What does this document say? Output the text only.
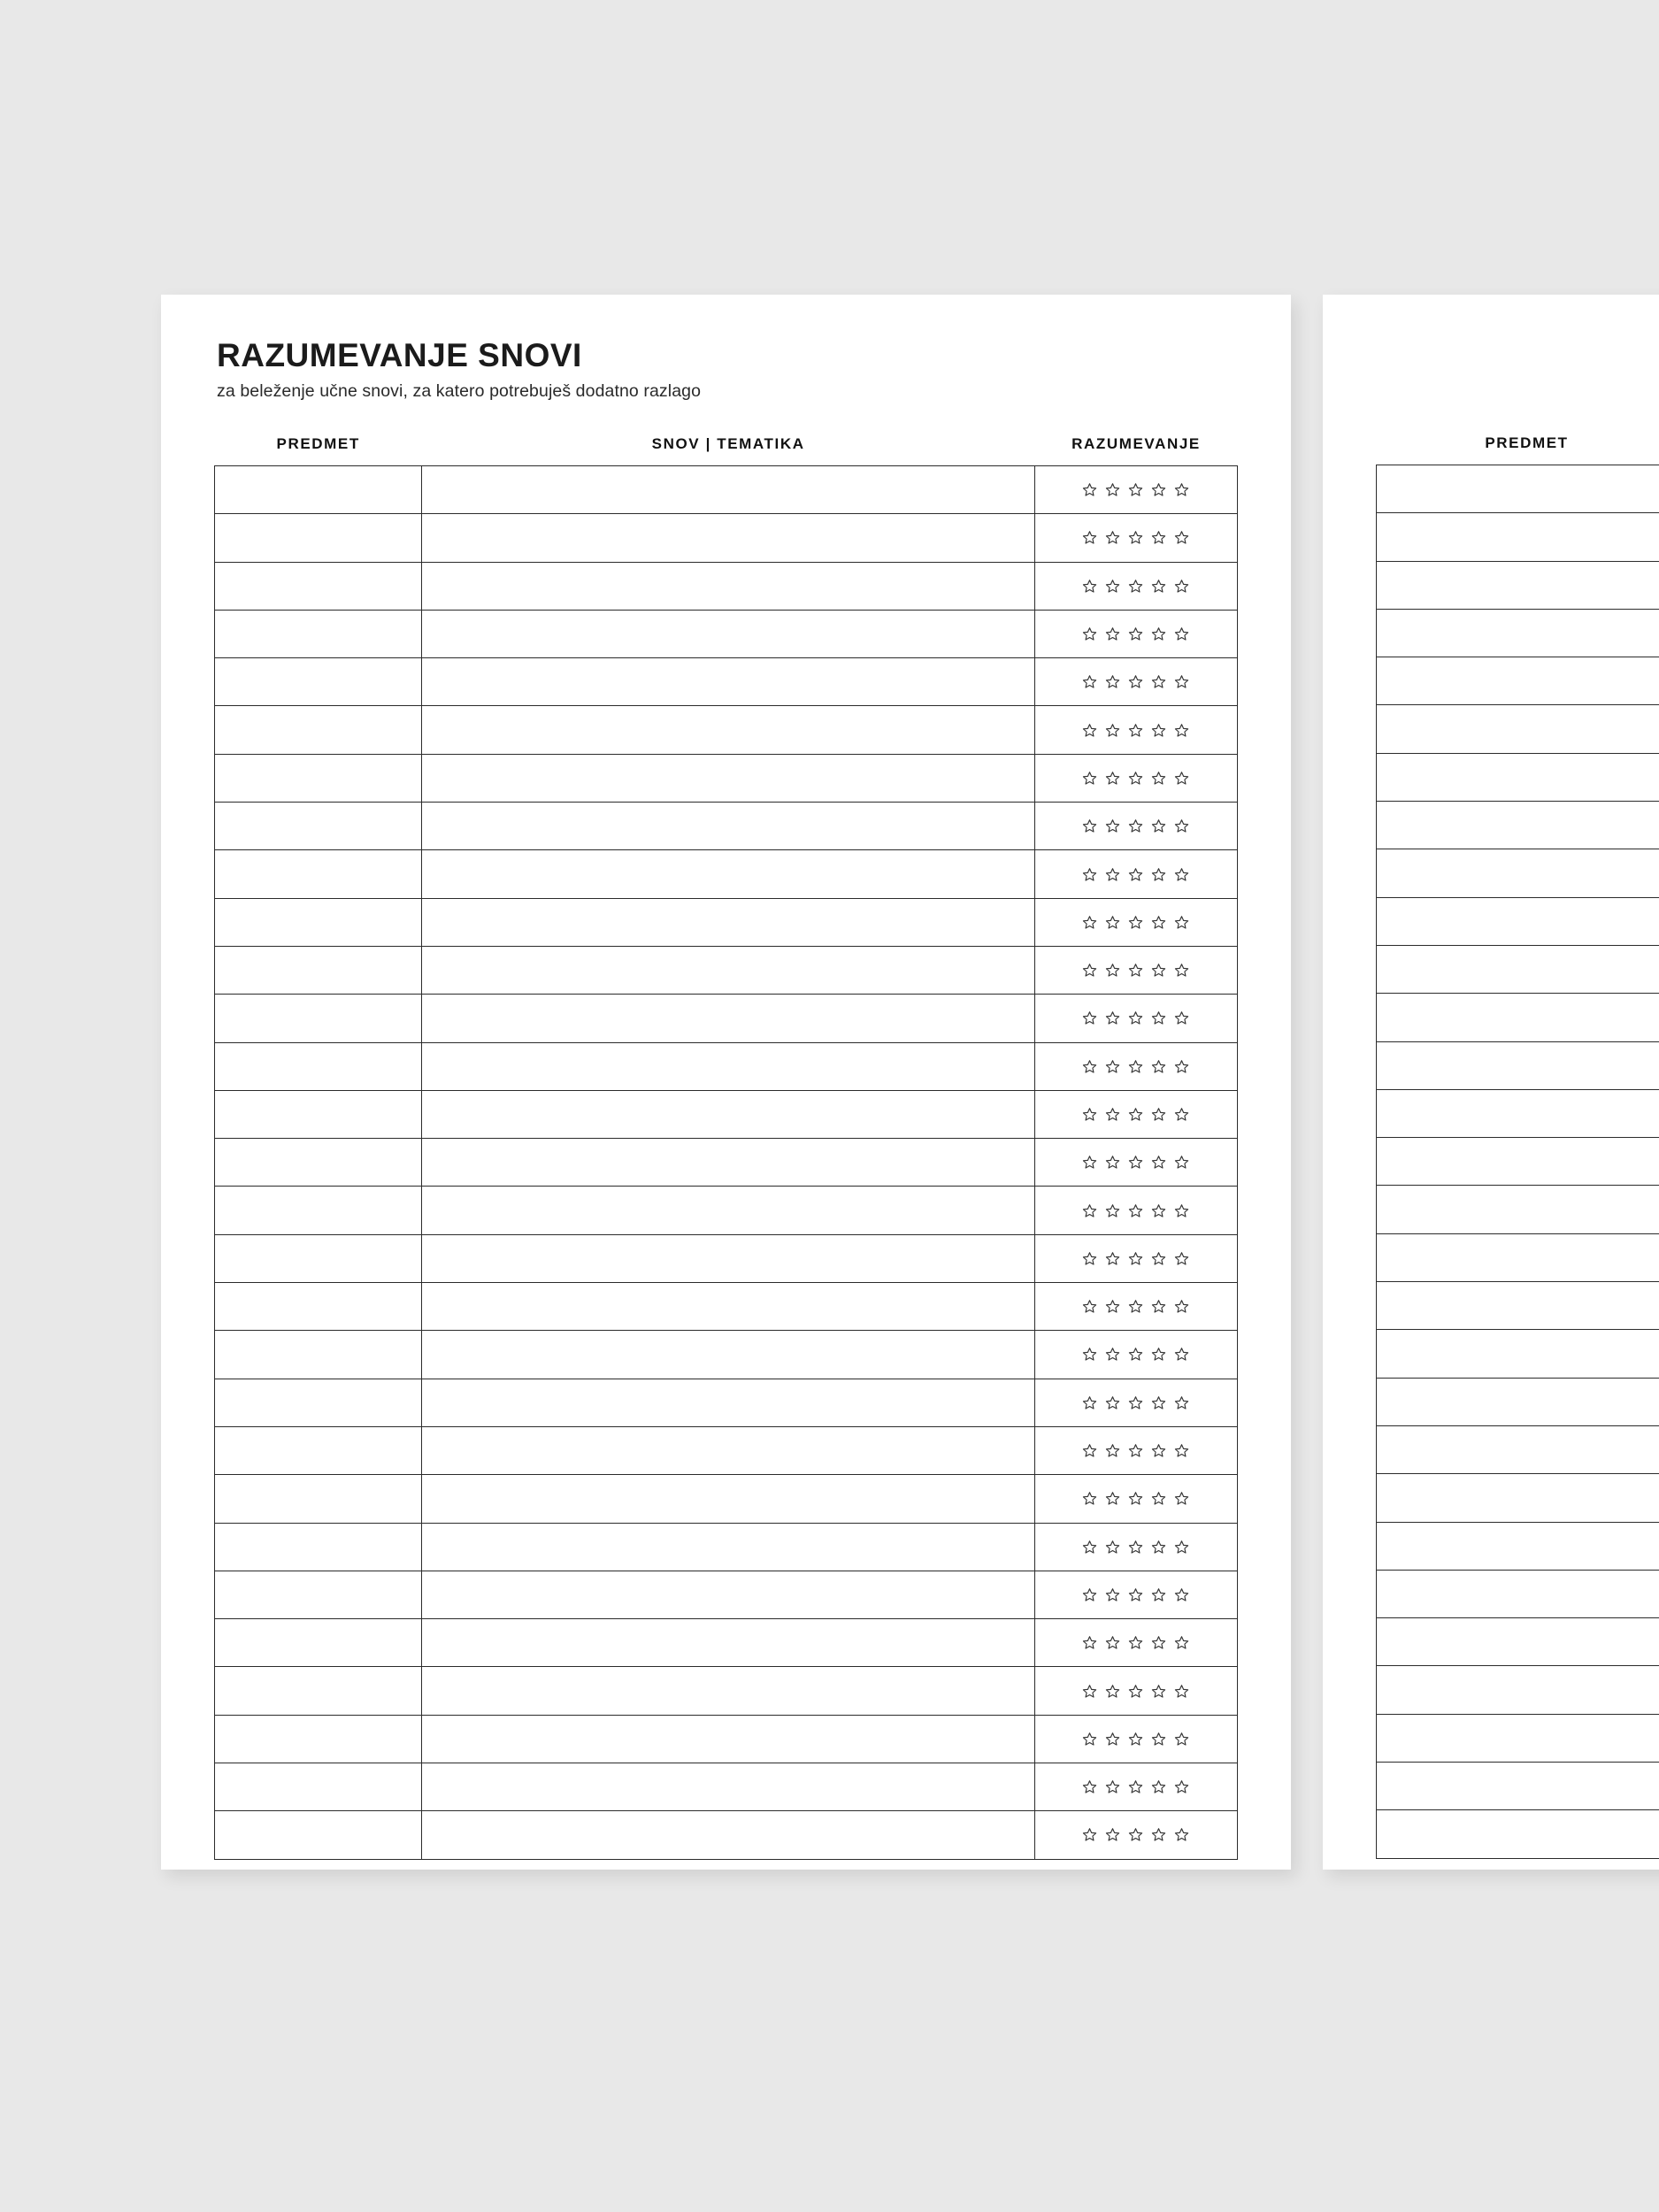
RAZUMEVANJE SNOVI

za beleženje učne snovi, za katero potrebuješ dodatno razlago

PREDMET	SNOV | TEMATIKA	RAZUMEVANJE

			PREDMET	
